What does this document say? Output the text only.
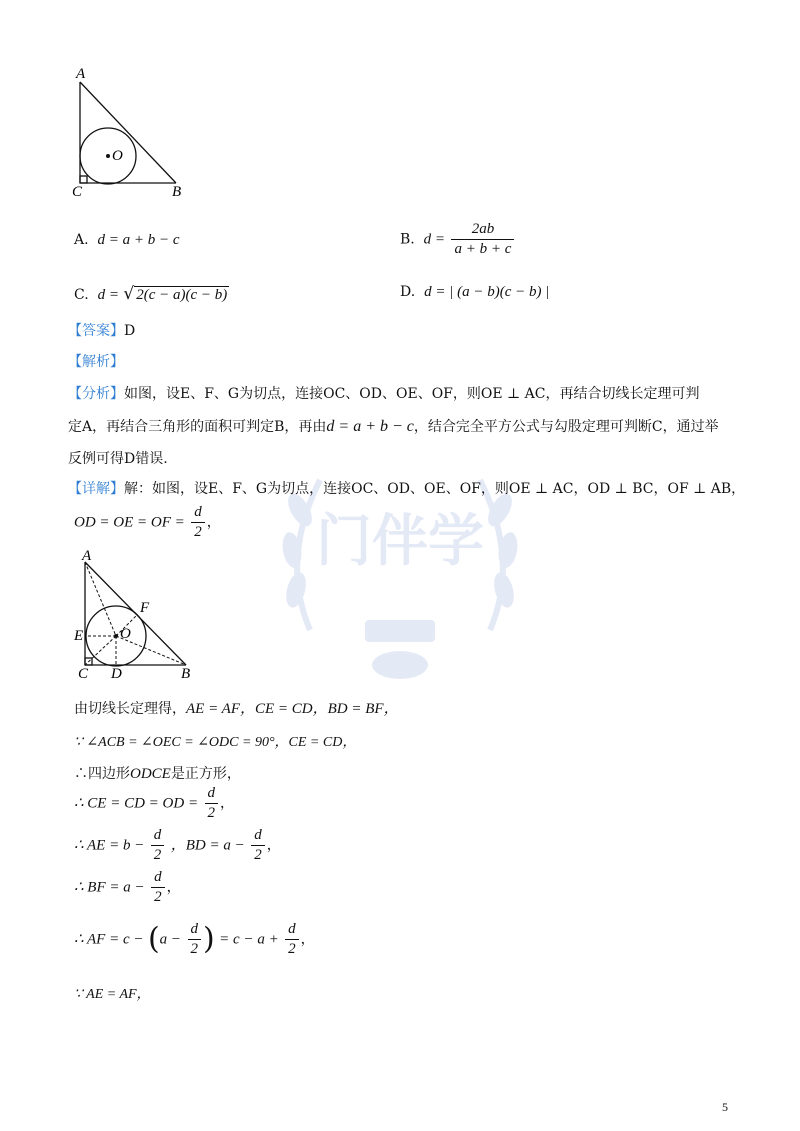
门伴学
A
C	B
O
A. d = a + b − c	B. $d = \frac{2ab}{a + b + c}$
C. d = √ 2(c − a)(c − b)	D. d = | (a − b)(c − b) |
【答案】D
【解析】
【分析】如图，设E、F、G为切点，连接OC、OD、OE、OF，则OE ⊥ AC，再结合切线长定理可判
定A，再结合三角形的面积可判定B，再由d = a + b − c，结合完全平方公式与勾股定理可判断C，通过举
反例可得D错误.
【详解】解：如图，设E、F、G为切点，连接OC、OD、OE、OF，则OE ⊥ AC，OD ⊥ BC，OF ⊥ AB，
OD = OE = OF = $\frac{d}{2}$ ，
A
E
F
O
C D	B
由切线长定理得，AE = AF，CE = CD，BD = BF，
∵ ∠ACB = ∠OEC = ∠ODC = 90°，CE = CD，
∴四边形ODCE是正方形，
∴ CE = CD = OD = $\frac{d}{2}$ ，
∴ AE = $b - \frac{d}{2}$ ，BD = $a - \frac{d}{2}$ ，
∴ BF = $a - \frac{d}{2}$ ，
∴ AF = $c - (a - \frac{d}{2}$ ) = $c - a + \frac{d}{2}$ ，
∵ AE = AF，
5
